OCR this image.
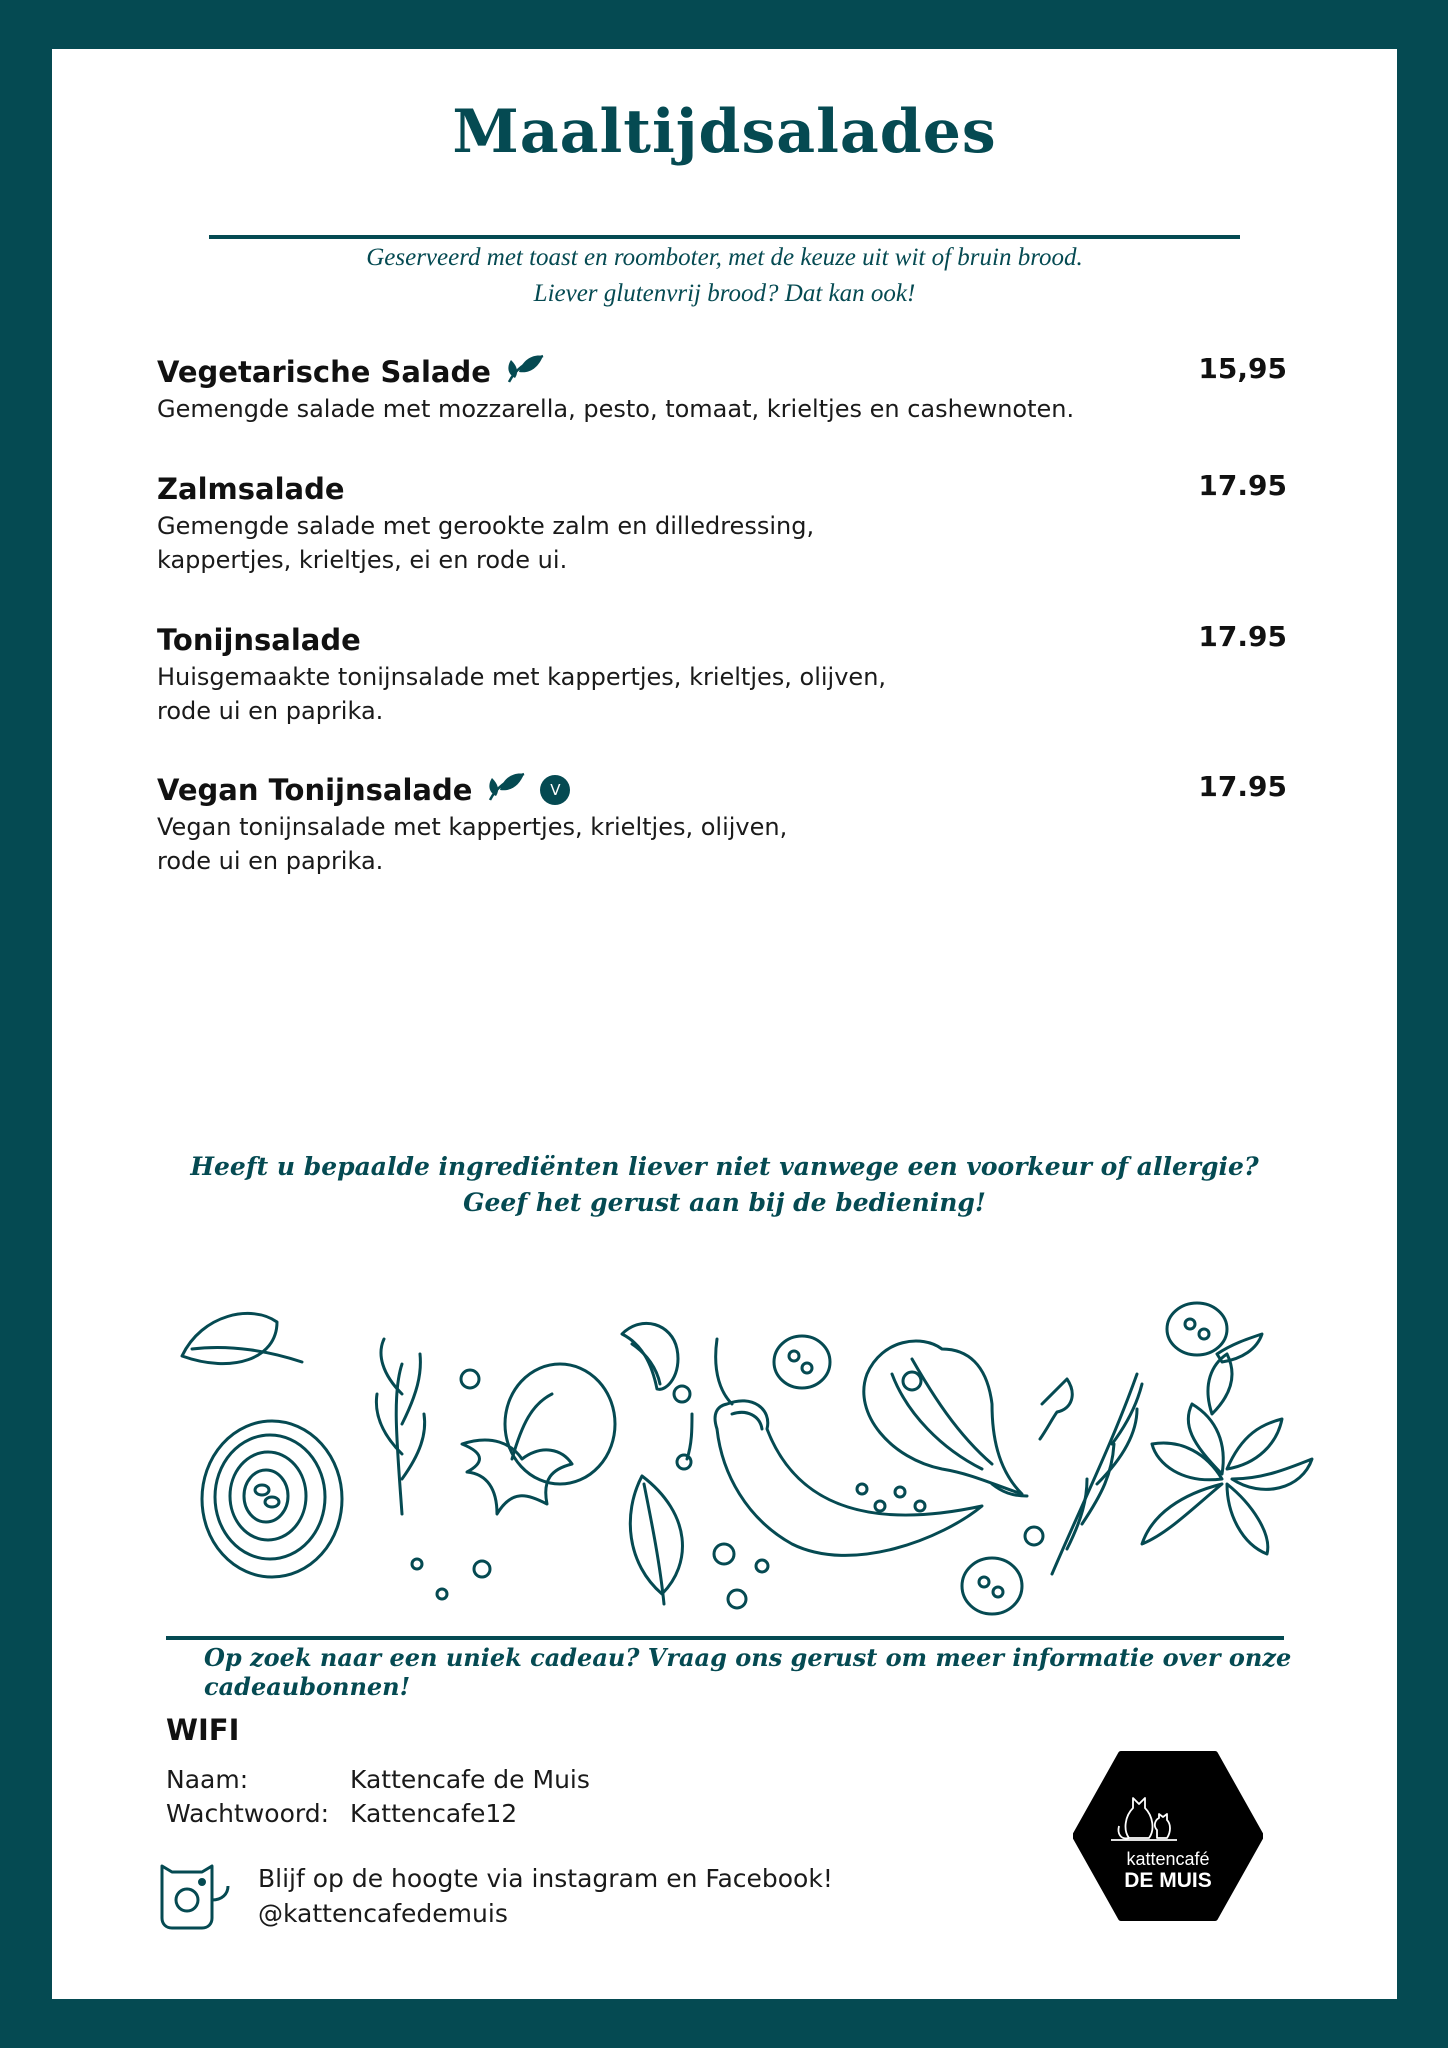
Maaltijdsalades
Geserveerd met toast en roomboter, met de keuze uit wit of bruin brood.
Liever glutenvrij brood? Dat kan ook!
Vegetarische Salade	15,95
Gemengde salade met mozzarella, pesto, tomaat, krieltjes en cashewnoten.
Zalmsalade	17.95
Gemengde salade met gerookte zalm en dilledressing,
kappertjes, krieltjes, ei en rode ui.
Tonijnsalade	17.95
Huisgemaakte tonijnsalade met kappertjes, krieltjes, olijven,
rode ui en paprika.
Vegan Tonijnsalade	V	17.95
Vegan tonijnsalade met kappertjes, krieltjes, olijven,
rode ui en paprika.
Heeft u bepaalde ingrediënten liever niet vanwege een voorkeur of allergie?
Geef het gerust aan bij de bediening!
Op zoek naar een uniek cadeau? Vraag ons gerust om meer informatie over onze cadeaubonnen!
WIFI
Naam:	Kattencafe de Muis
Wachtwoord: Kattencafe12
Blijf op de hoogte via instagram en Facebook!
@kattencafedemuis
kattencafé
DE MUIS
